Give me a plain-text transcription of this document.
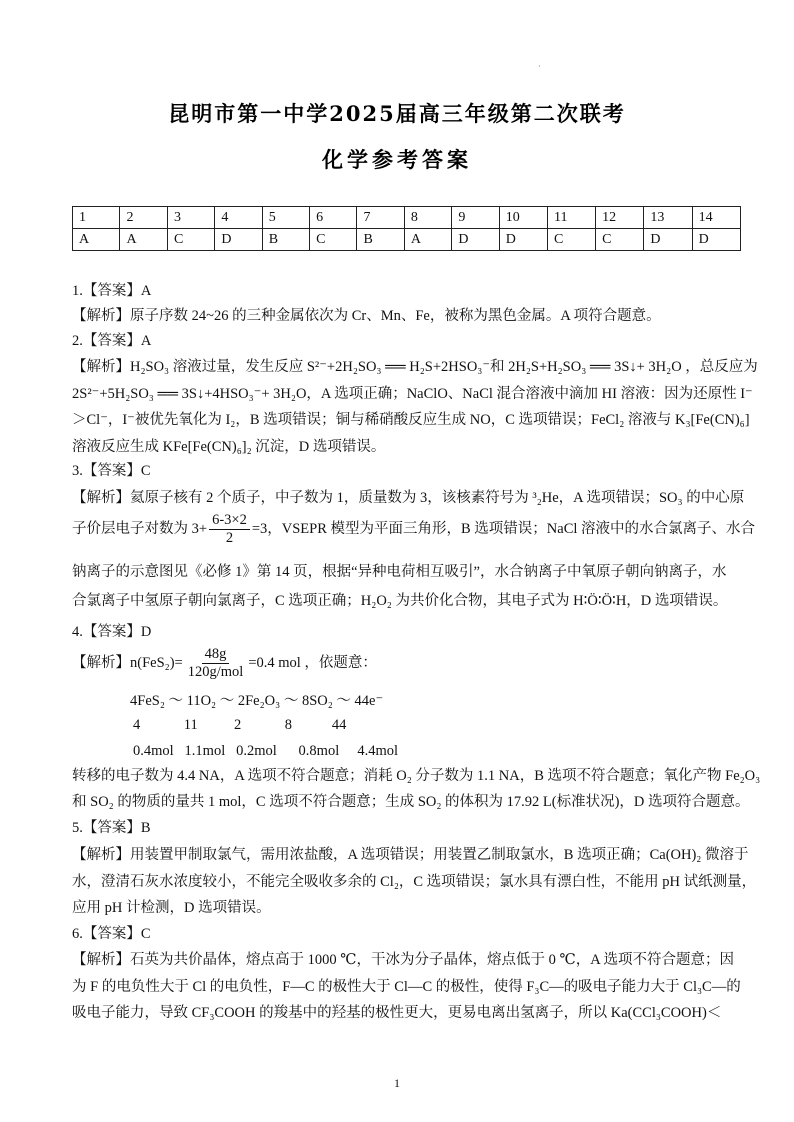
·
昆明市第一中学2025届高三年级第二次联考
化学参考答案
1	2	3	4	5	6	7	8	9	10	11	12	13	14
A	A	C	D	B	C	B	A	D	D	C	C	D	D
1
1.【答案】A
【解析】原子序数 24~26 的三种金属依次为 Cr、Mn、Fe，被称为黑色金属。A 项符合题意。
2.【答案】A
【解析】H₂SO₃ 溶液过量，发生反应 S²⁻+2H₂SO₃ ══ H₂S+2HSO₃⁻和 2H₂S+H₂SO₃ ══ 3S↓+ 3H₂O ，总反应为
2S²⁻+5H₂SO₃ ══ 3S↓+4HSO₃⁻+ 3H₂O，A 选项正确；NaClO、NaCl 混合溶液中滴加 HI 溶液：因为还原性 I⁻
＞Cl⁻，I⁻被优先氧化为 I₂，B 选项错误；铜与稀硝酸反应生成 NO，C 选项错误；FeCl₂ 溶液与 K₃[Fe(CN)₆]
溶液反应生成 KFe[Fe(CN)₆]₂ 沉淀，D 选项错误。
3.【答案】C
【解析】氦原子核有 2 个质子，中子数为 1，质量数为 3，该核素符号为 ³₂He，A 选项错误；SO₃ 的中心原
子价层电子对数为 $3+ \frac{6-3\times 2}{2} =3$，VSEPR 模型为平面三角形，B 选项错误；NaCl 溶液中的水合氯离子、水合
钠离子的示意图见《必修 1》第 14 页，根据“异种电荷相互吸引”，水合钠离子中氧原子朝向钠离子，水
合氯离子中氢原子朝向氯离子，C 选项正确；H₂O₂ 为共价化合物，其电子式为 H∶Ö∶Ö∶H，D 选项错误。
4.【答案】D
【解析】$n(FeS_2)= \frac{48g}{\text{120g/mol}} =0.4$ mol ，依题意：
4FeS₂ ～ 11O₂ ～ 2Fe₂O₃ ～ 8SO₂ ～ 44e⁻
4            11          2            8           44
0.4mol   1.1mol   0.2mol      0.8mol     4.4mol
转移的电子数为 4.4 NA，A 选项不符合题意；消耗 O₂ 分子数为 1.1 NA，B 选项不符合题意；氧化产物 Fe₂O₃
和 SO₂ 的物质的量共 1 mol，C 选项不符合题意；生成 SO₂ 的体积为 17.92 L(标准状况)，D 选项符合题意。
5.【答案】B
【解析】用装置甲制取氯气，需用浓盐酸，A 选项错误；用装置乙制取氯水，B 选项正确；Ca(OH)₂ 微溶于
水，澄清石灰水浓度较小，不能完全吸收多余的 Cl₂，C 选项错误；氯水具有漂白性，不能用 pH 试纸测量，
应用 pH 计检测，D 选项错误。
6.【答案】C
【解析】石英为共价晶体，熔点高于 1000 ℃，干冰为分子晶体，熔点低于 0 ℃，A 选项不符合题意；因
为 F 的电负性大于 Cl 的电负性，F—C 的极性大于 Cl—C 的极性，使得 F₃C—的吸电子能力大于 Cl₃C—的
吸电子能力，导致 CF₃COOH 的羧基中的羟基的极性更大，更易电离出氢离子，所以 Ka(CCl₃COOH)＜
